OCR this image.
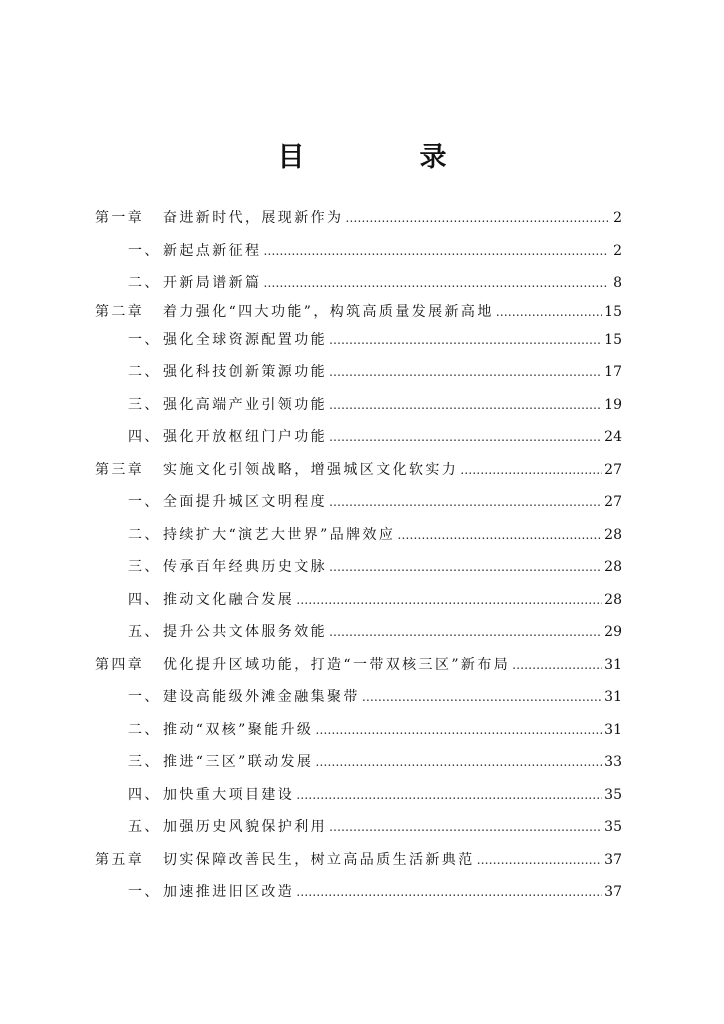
目　录
第一章	奋进新时代，展现新作为 …………………………………………………………………………………………………………………………	2
一、 新起点新征程 …………………………………………………………………………………………………………………………	2
二、 开新局谱新篇 …………………………………………………………………………………………………………………………	8
第二章	着力强化“四大功能”，构筑高质量发展新高地 …………………………………………………………………………………………………………………………	15
一、 强化全球资源配置功能 …………………………………………………………………………………………………………………………	15
二、 强化科技创新策源功能 …………………………………………………………………………………………………………………………	17
三、 强化高端产业引领功能 …………………………………………………………………………………………………………………………	19
四、 强化开放枢纽门户功能 …………………………………………………………………………………………………………………………	24
第三章	实施文化引领战略，增强城区文化软实力 …………………………………………………………………………………………………………………………	27
一、 全面提升城区文明程度 …………………………………………………………………………………………………………………………	27
二、 持续扩大“演艺大世界”品牌效应 …………………………………………………………………………………………………………………………	28
三、 传承百年经典历史文脉 …………………………………………………………………………………………………………………………	28
四、 推动文化融合发展 …………………………………………………………………………………………………………………………	28
五、 提升公共文体服务效能 …………………………………………………………………………………………………………………………	29
第四章	优化提升区域功能，打造“一带双核三区”新布局 …………………………………………………………………………………………………………………………	31
一、 建设高能级外滩金融集聚带 …………………………………………………………………………………………………………………………	31
二、 推动“双核”聚能升级 …………………………………………………………………………………………………………………………	31
三、 推进“三区”联动发展 …………………………………………………………………………………………………………………………	33
四、 加快重大项目建设 …………………………………………………………………………………………………………………………	35
五、 加强历史风貌保护利用 …………………………………………………………………………………………………………………………	35
第五章	切实保障改善民生，树立高品质生活新典范 …………………………………………………………………………………………………………………………	37
一、 加速推进旧区改造 …………………………………………………………………………………………………………………………	37
